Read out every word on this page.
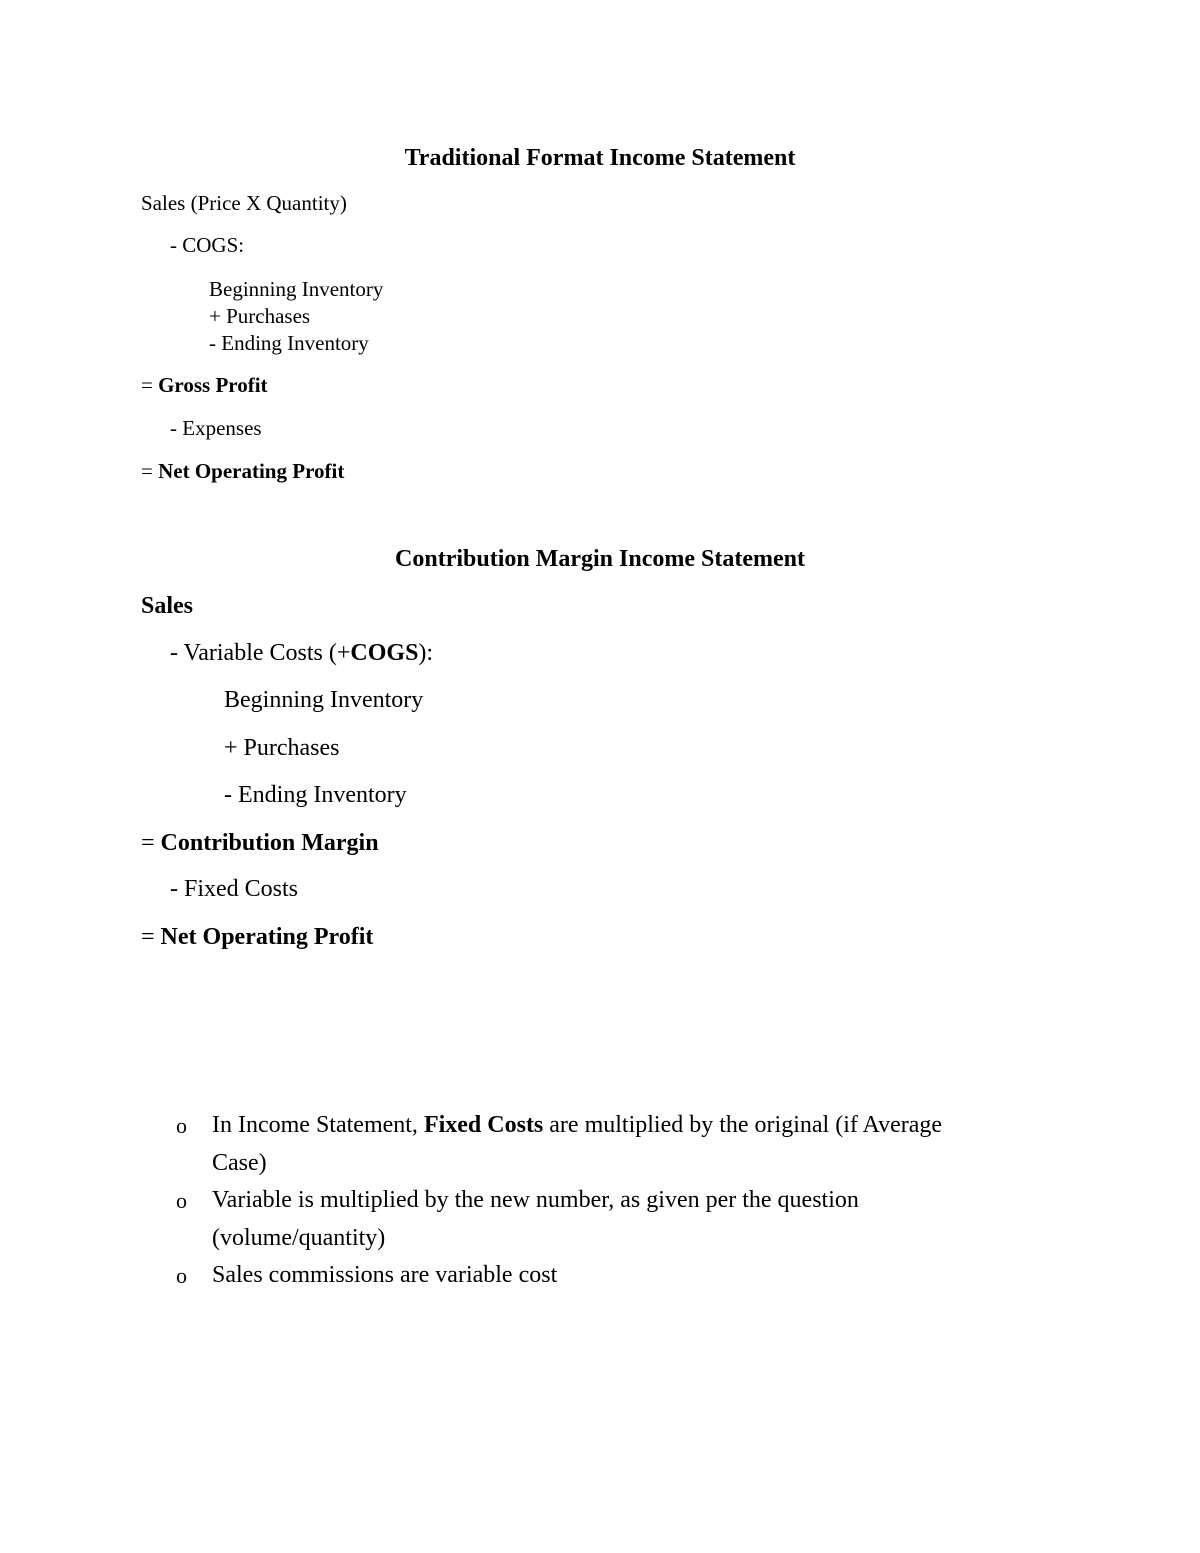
Traditional Format Income Statement
Sales (Price X Quantity)
- COGS:
Beginning Inventory
+ Purchases
- Ending Inventory
= Gross Profit
- Expenses
= Net Operating Profit
Contribution Margin Income Statement
Sales
- Variable Costs (+COGS):
Beginning Inventory
+ Purchases
- Ending Inventory
= Contribution Margin
- Fixed Costs
= Net Operating Profit
o In Income Statement, Fixed Costs are multiplied by the original (if Average
Case)
o Variable is multiplied by the new number, as given per the question
(volume/quantity)
o Sales commissions are variable cost
